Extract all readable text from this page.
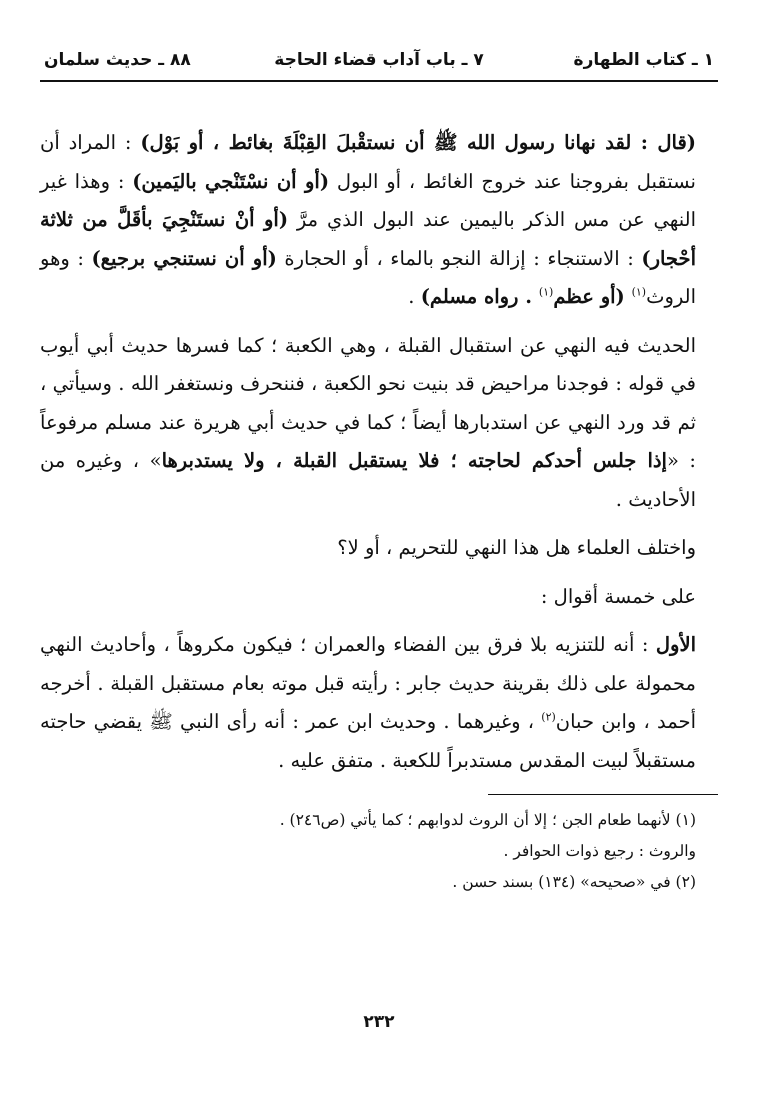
١ ـ كتاب الطهارة
٧ ـ باب آداب قضاء الحاجة
٨٨ ـ حديث سلمان

(قال : لقد نهانا رسول الله ﷺ أن نستقْبلَ القِبْلَةَ بغائط ، أو بَوْل) : المراد أن نستقبل بفروجنا عند خروج الغائط ، أو البول (أو أن نسْتَنْجي باليَمين) : وهذا غير النهي عن مس الذكر باليمين عند البول الذي مرَّ (أو أنْ نستَنْجِيَ بأقَلَّ من ثلاثة أحْجار) : الاستنجاء : إزالة النجو بالماء ، أو الحجارة (أو أن نستنجي برجيع) : وهو الروث$^{(١)}$ (أو عظم$^{(١)}$ . رواه مسلم) .

الحديث فيه النهي عن استقبال القبلة ، وهي الكعبة ؛ كما فسرها حديث أبي أيوب في قوله : فوجدنا مراحيض قد بنيت نحو الكعبة ، فننحرف ونستغفر الله . وسيأتي ، ثم قد ورد النهي عن استدبارها أيضاً ؛ كما في حديث أبي هريرة عند مسلم مرفوعاً : «إذا جلس أحدكم لحاجته ؛ فلا يستقبل القبلة ، ولا يستدبرها» ، وغيره من الأحاديث .

واختلف العلماء هل هذا النهي للتحريم ، أو لا؟

على خمسة أقوال :

الأول : أنه للتنزيه بلا فرق بين الفضاء والعمران ؛ فيكون مكروهاً ، وأحاديث النهي محمولة على ذلك بقرينة حديث جابر : رأيته قبل موته بعام مستقبل القبلة . أخرجه أحمد ، وابن حبان$^{(٢)}$ ، وغيرهما . وحديث ابن عمر : أنه رأى النبي ﷺ يقضي حاجته مستقبلاً لبيت المقدس مستدبراً للكعبة . متفق عليه .

(١) لأنهما طعام الجن ؛ إلا أن الروث لدوابهم ؛ كما يأتي (ص٢٤٦) .
والروث : رجيع ذوات الحوافر .
(٢) في «صحيحه» (١٣٤) بسند حسن .
٢٣٢
